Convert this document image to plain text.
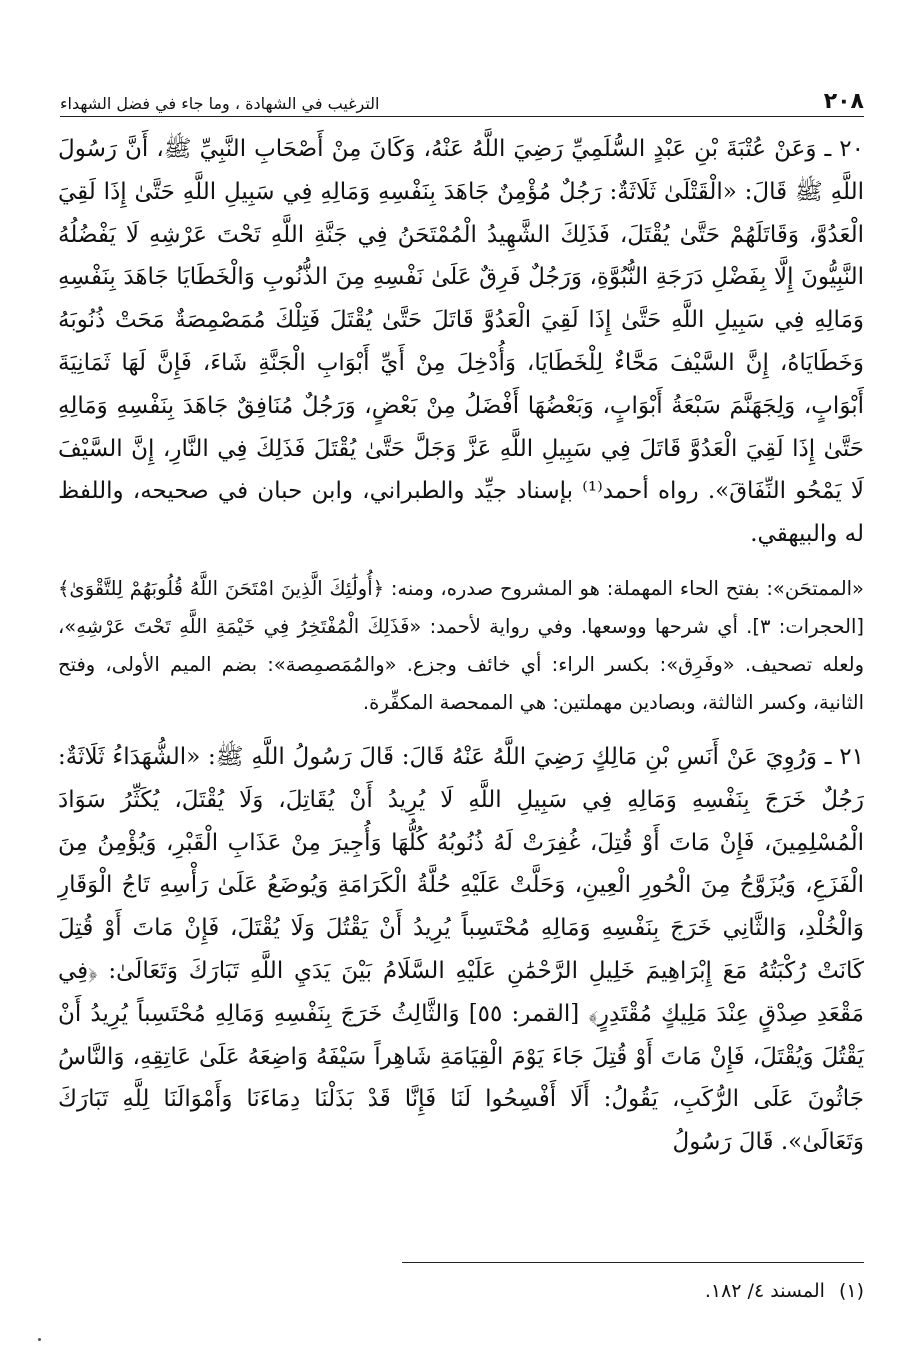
٢٠٨
الترغيب في الشهادة ، وما جاء في فضل الشهداء

٢٠ ـ وَعَنْ عُتْبَةَ بْنِ عَبْدٍ السُّلَمِيِّ رَضِيَ اللَّهُ عَنْهُ، وَكَانَ مِنْ أَصْحَابِ النَّبِيِّ ﷺ، أَنَّ رَسُولَ اللَّهِ ﷺ قَالَ: «الْقَتْلَىٰ ثَلَاثَةٌ: رَجُلٌ مُؤْمِنٌ جَاهَدَ بِنَفْسِهِ وَمَالِهِ فِي سَبِيلِ اللَّهِ حَتَّىٰ إِذَا لَقِيَ الْعَدُوَّ، وَقَاتَلَهُمْ حَتَّىٰ يُقْتَلَ، فَذَلِكَ الشَّهِيدُ الْمُمْتَحَنُ فِي جَنَّةِ اللَّهِ تَحْتَ عَرْشِهِ لَا يَفْضُلُهُ النَّبِيُّونَ إِلَّا بِفَضْلِ دَرَجَةِ النُّبُوَّةِ، وَرَجُلٌ فَرِقٌ عَلَىٰ نَفْسِهِ مِنَ الذُّنُوبِ وَالْخَطَايَا جَاهَدَ بِنَفْسِهِ وَمَالِهِ فِي سَبِيلِ اللَّهِ حَتَّىٰ إِذَا لَقِيَ الْعَدُوَّ قَاتَلَ حَتَّىٰ يُقْتَلَ فَتِلْكَ مُمَصْمِصَةٌ مَحَتْ ذُنُوبَهُ وَخَطَايَاهُ، إِنَّ السَّيْفَ مَحَّاءٌ لِلْخَطَايَا، وَأُدْخِلَ مِنْ أَيِّ أَبْوَابِ الْجَنَّةِ شَاءَ، فَإِنَّ لَهَا ثَمَانِيَةَ أَبْوَابٍ، وَلِجَهَنَّمَ سَبْعَةُ أَبْوَابٍ، وَبَعْضُهَا أَفْضَلُ مِنْ بَعْضٍ، وَرَجُلٌ مُنَافِقٌ جَاهَدَ بِنَفْسِهِ وَمَالِهِ حَتَّىٰ إِذَا لَقِيَ الْعَدُوَّ قَاتَلَ فِي سَبِيلِ اللَّهِ عَزَّ وَجَلَّ حَتَّىٰ يُقْتَلَ فَذَلِكَ فِي النَّارِ، إِنَّ السَّيْفَ لَا يَمْحُو النِّفَاقَ». رواه أحمد⁽¹⁾ بإسناد جيِّد والطبراني، وابن حبان في صحيحه، واللفظ له والبيهقي.

«الممتحَن»: بفتح الحاء المهملة: هو المشروح صدره، ومنه: ﴿أُولَٰئِكَ الَّذِينَ امْتَحَنَ اللَّهُ قُلُوبَهُمْ لِلتَّقْوَىٰ﴾ [الحجرات: ٣]. أي شرحها ووسعها. وفي رواية لأحمد: «فَذَلِكَ الْمُفْتَخِرُ فِي خَيْمَةِ اللَّهِ تَحْتَ عَرْشِهِ»، ولعله تصحيف. «وفَرِق»: بكسر الراء: أي خائف وجزع. «والمُمَصمِصة»: بضم الميم الأولى، وفتح الثانية، وكسر الثالثة، وبصادين مهملتين: هي الممحصة المكفِّرة.

٢١ ـ وَرُوِيَ عَنْ أَنَسِ بْنِ مَالِكٍ رَضِيَ اللَّهُ عَنْهُ قَالَ: قَالَ رَسُولُ اللَّهِ ﷺ: «الشُّهَدَاءُ ثَلَاثَةٌ: رَجُلٌ خَرَجَ بِنَفْسِهِ وَمَالِهِ فِي سَبِيلِ اللَّهِ لَا يُرِيدُ أَنْ يُقَاتِلَ، وَلَا يُقْتَلَ، يُكَثِّرُ سَوَادَ الْمُسْلِمِينَ، فَإِنْ مَاتَ أَوْ قُتِلَ، غُفِرَتْ لَهُ ذُنُوبُهُ كُلُّهَا وَأُجِيرَ مِنْ عَذَابِ الْقَبْرِ، وَيُؤْمِنُ مِنَ الْفَزَعِ، وَيُزَوَّجُ مِنَ الْحُورِ الْعِينِ، وَحَلَّتْ عَلَيْهِ حُلَّةُ الْكَرَامَةِ وَيُوضَعُ عَلَىٰ رَأْسِهِ تَاجُ الْوَقَارِ وَالْخُلْدِ، وَالثَّانِي خَرَجَ بِنَفْسِهِ وَمَالِهِ مُحْتَسِباً يُرِيدُ أَنْ يَقْتُلَ وَلَا يُقْتَلَ، فَإِنْ مَاتَ أَوْ قُتِلَ كَانَتْ رُكْبَتُهُ مَعَ إِبْرَاهِيمَ خَلِيلِ الرَّحْمَٰنِ عَلَيْهِ السَّلَامُ بَيْنَ يَدَيِ اللَّهِ تَبَارَكَ وَتَعَالَىٰ: ﴿فِي مَقْعَدِ صِدْقٍ عِنْدَ مَلِيكٍ مُقْتَدِرٍ﴾ [القمر: ٥٥] وَالثَّالِثُ خَرَجَ بِنَفْسِهِ وَمَالِهِ مُحْتَسِباً يُرِيدُ أَنْ يَقْتُلَ وَيُقْتَلَ، فَإِنْ مَاتَ أَوْ قُتِلَ جَاءَ يَوْمَ الْقِيَامَةِ شَاهِراً سَيْفَهُ وَاضِعَهُ عَلَىٰ عَاتِقِهِ، وَالنَّاسُ جَاثُونَ عَلَى الرُّكَبِ، يَقُولُ: أَلَا أَفْسِحُوا لَنَا فَإِنَّا قَدْ بَذَلْنَا دِمَاءَنَا وَأَمْوَالَنَا لِلَّهِ تَبَارَكَ وَتَعَالَىٰ». قَالَ رَسُولُ

(١)
المسند ٤/ ١٨٢.
